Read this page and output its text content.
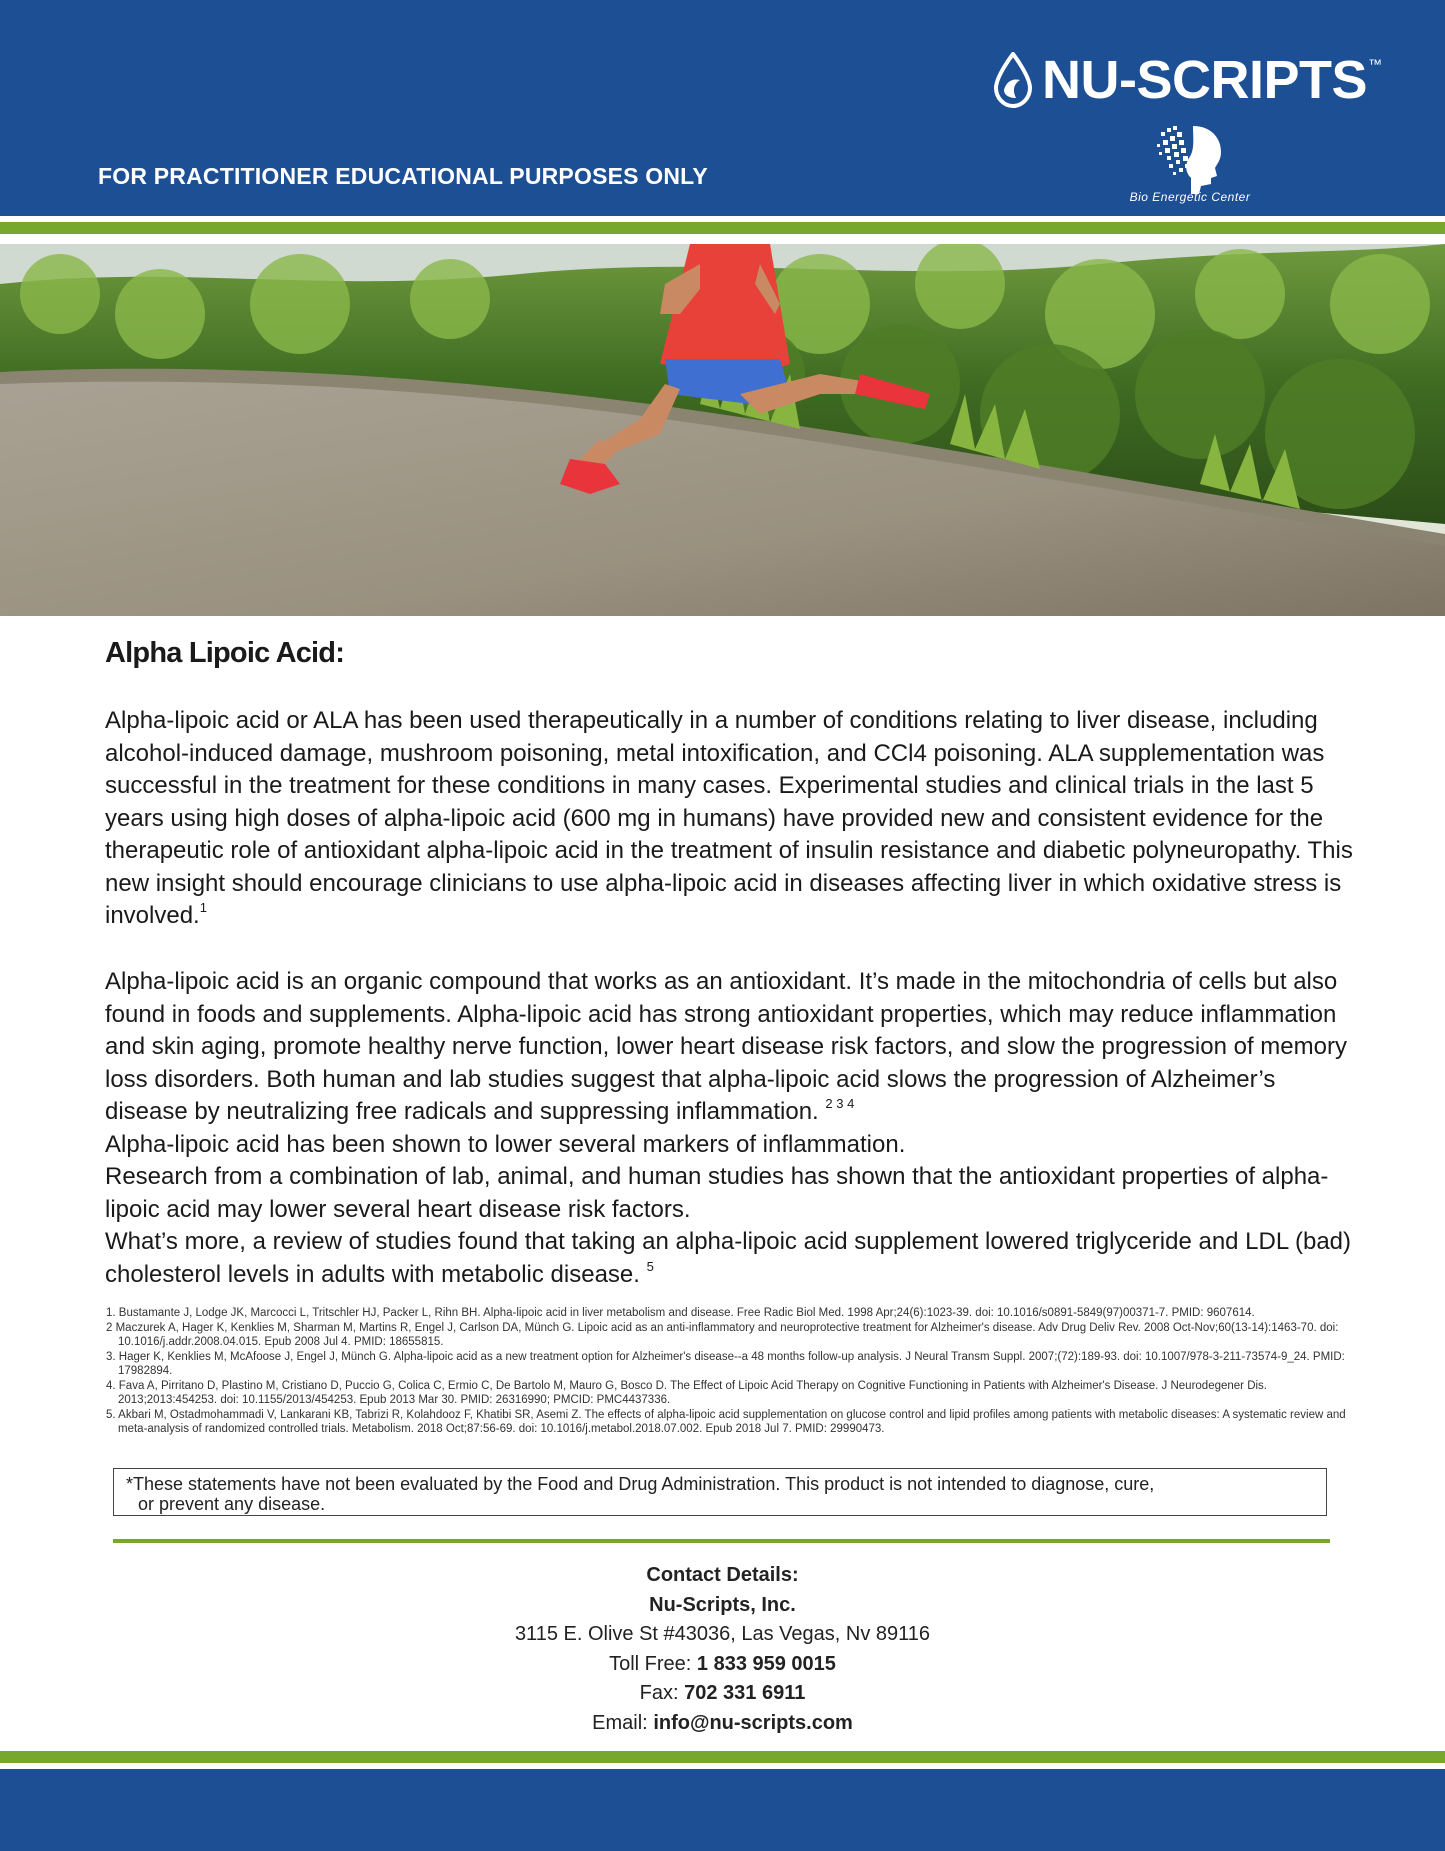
NU-SCRIPTS ™
Bio Energetic Center
FOR PRACTITIONER EDUCATIONAL PURPOSES ONLY
Alpha Lipoic Acid:

Alpha-lipoic acid or ALA has been used therapeutically in a number of conditions relating to liver disease, including alcohol-induced damage, mushroom poisoning, metal intoxification, and CCl4 poisoning. ALA supplementation was successful in the treatment for these conditions in many cases. Experimental studies and clinical trials in the last 5 years using high doses of alpha-lipoic acid (600 mg in humans) have provided new and consistent evidence for the therapeutic role of antioxidant alpha-lipoic acid in the treatment of insulin resistance and diabetic polyneuropathy. This new insight should encourage clinicians to use alpha-lipoic acid in diseases affecting liver in which oxidative stress is involved.$^1$

Alpha-lipoic acid is an organic compound that works as an antioxidant. It’s made in the mitochondria of cells but also found in foods and supplements. Alpha-lipoic acid has strong antioxidant properties, which may reduce inflammation and skin aging, promote healthy nerve function, lower heart disease risk factors, and slow the progression of memory loss disorders. Both human and lab studies suggest that alpha-lipoic acid slows the progression of Alzheimer’s disease by neutralizing free radicals and suppressing inflammation. $^{2 3 4}$
Alpha-lipoic acid has been shown to lower several markers of inflammation.
Research from a combination of lab, animal, and human studies has shown that the antioxidant properties of alpha-lipoic acid may lower several heart disease risk factors.
What’s more, a review of studies found that taking an alpha-lipoic acid supplement lowered triglyceride and LDL (bad) cholesterol levels in adults with metabolic disease. $^5$

1. Bustamante J, Lodge JK, Marcocci L, Tritschler HJ, Packer L, Rihn BH. Alpha-lipoic acid in liver metabolism and disease. Free Radic Biol Med. 1998 Apr;24(6):1023-39. doi: 10.1016/s0891-5849(97)00371-7. PMID: 9607614.

2 Maczurek A, Hager K, Kenklies M, Sharman M, Martins R, Engel J, Carlson DA, Münch G. Lipoic acid as an anti-inflammatory and neuroprotective treatment for Alzheimer's disease. Adv Drug Deliv Rev. 2008 Oct-Nov;60(13-14):1463-70. doi: 10.1016/j.addr.2008.04.015. Epub 2008 Jul 4. PMID: 18655815.

3. Hager K, Kenklies M, McAfoose J, Engel J, Münch G. Alpha-lipoic acid as a new treatment option for Alzheimer's disease--a 48 months follow-up analysis. J Neural Transm Suppl. 2007;(72):189-93. doi: 10.1007/978-3-211-73574-9_24. PMID: 17982894.

4. Fava A, Pirritano D, Plastino M, Cristiano D, Puccio G, Colica C, Ermio C, De Bartolo M, Mauro G, Bosco D. The Effect of Lipoic Acid Therapy on Cognitive Functioning in Patients with Alzheimer's Disease. J Neurodegener Dis. 2013;2013:454253. doi: 10.1155/2013/454253. Epub 2013 Mar 30. PMID: 26316990; PMCID: PMC4437336.

5. Akbari M, Ostadmohammadi V, Lankarani KB, Tabrizi R, Kolahdooz F, Khatibi SR, Asemi Z. The effects of alpha-lipoic acid supplementation on glucose control and lipid profiles among patients with metabolic diseases: A systematic review and meta-analysis of randomized controlled trials. Metabolism. 2018 Oct;87:56-69. doi: 10.1016/j.metabol.2018.07.002. Epub 2018 Jul 7. PMID: 29990473.

*These statements have not been evaluated by the Food and Drug Administration. This product is not intended to diagnose, cure,
or prevent any disease.
Contact Details:
Nu-Scripts, Inc.
3115 E. Olive St #43036, Las Vegas, Nv 89116
Toll Free: 1 833 959 0015
Fax: 702 331 6911
Email: info@nu-scripts.com
